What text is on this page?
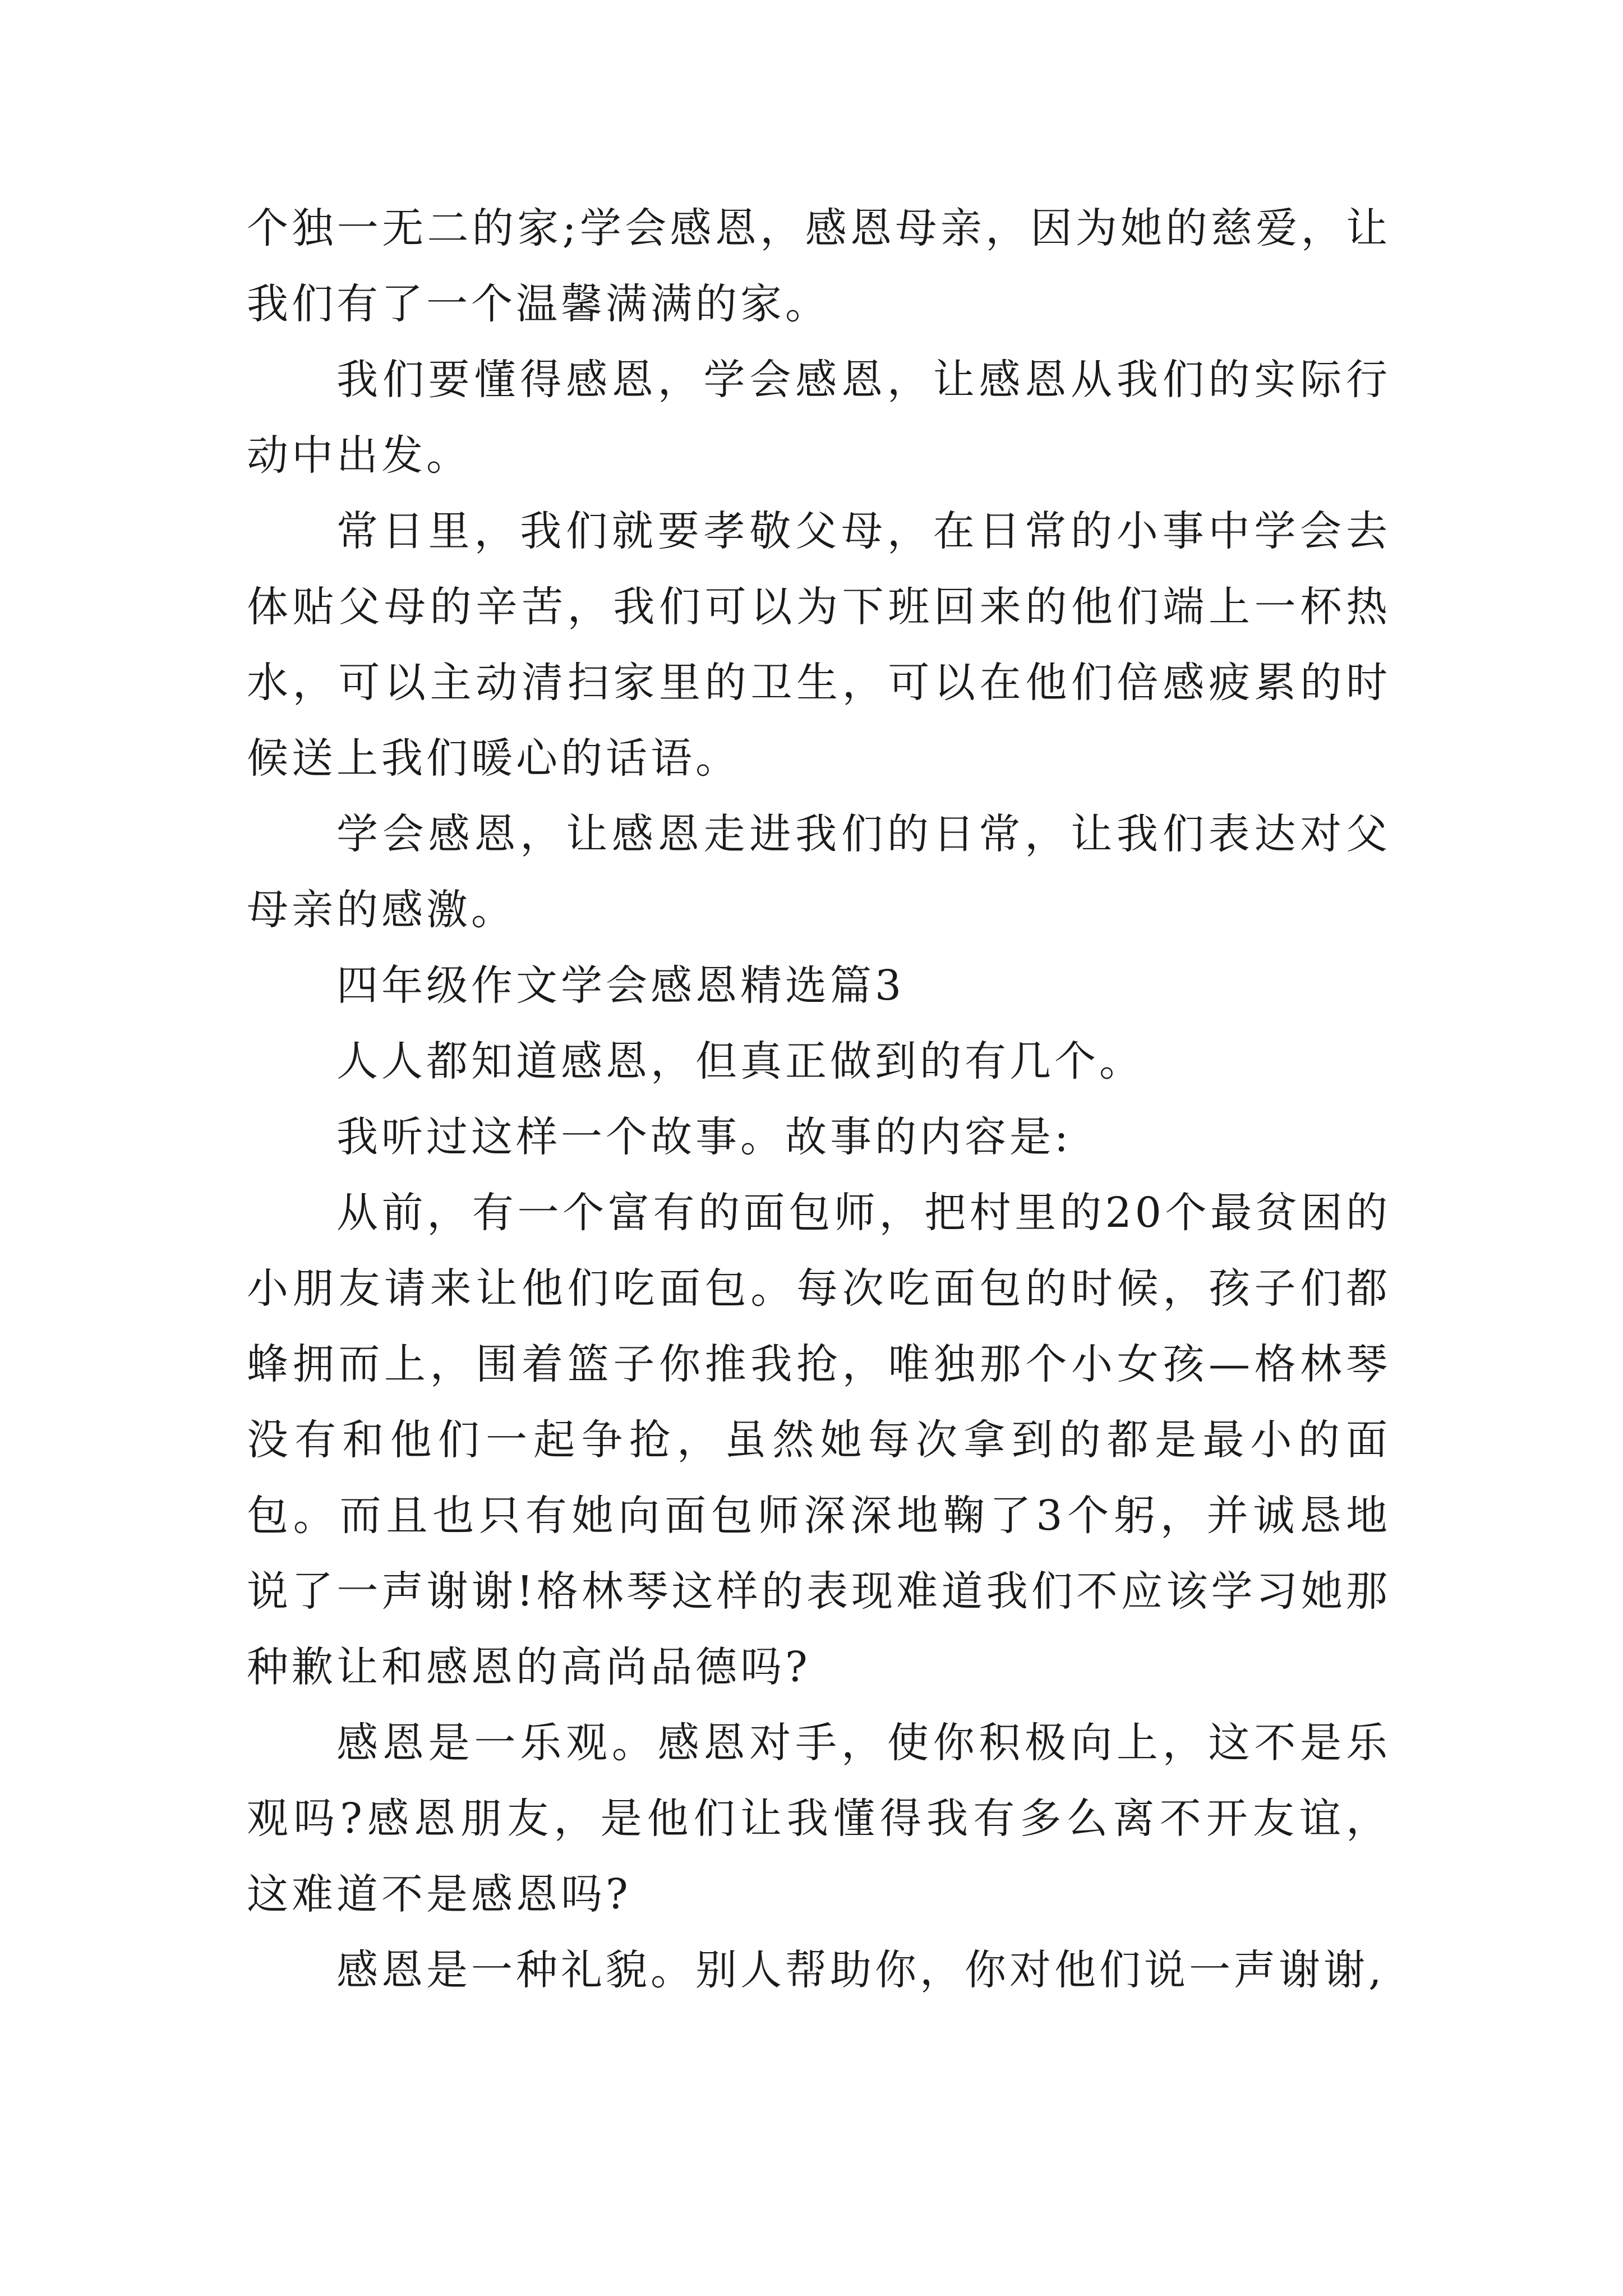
个独一无二的家;学会感恩，感恩母亲，因为她的慈爱，让我们有了一个温馨满满的家。

我们要懂得感恩，学会感恩，让感恩从我们的实际行动中出发。

常日里，我们就要孝敬父母，在日常的小事中学会去体贴父母的辛苦，我们可以为下班回来的他们端上一杯热水，可以主动清扫家里的卫生，可以在他们倍感疲累的时候送上我们暖心的话语。

学会感恩，让感恩走进我们的日常，让我们表达对父母亲的感激。

四年级作文学会感恩精选篇3

人人都知道感恩，但真正做到的有几个。

我听过这样一个故事。故事的内容是:

从前，有一个富有的面包师，把村里的20个最贫困的小朋友请来让他们吃面包。每次吃面包的时候，孩子们都蜂拥而上，围着篮子你推我抢，唯独那个小女孩—格林琴没有和他们一起争抢，虽然她每次拿到的都是最小的面包。而且也只有她向面包师深深地鞠了3个躬，并诚恳地说了一声谢谢!格林琴这样的表现难道我们不应该学习她那种歉让和感恩的高尚品德吗?

感恩是一乐观。感恩对手，使你积极向上，这不是乐观吗?感恩朋友，是他们让我懂得我有多么离不开友谊，这难道不是感恩吗?

感恩是一种礼貌。别人帮助你，你对他们说一声谢谢,
